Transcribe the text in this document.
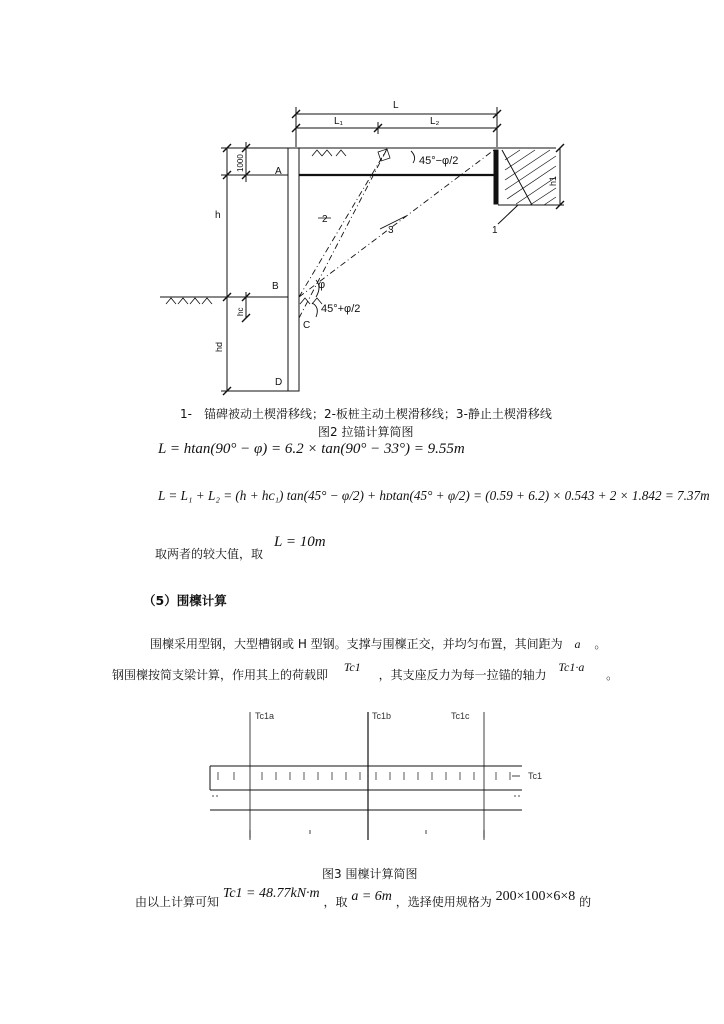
L
L₁	L₂
A
B
C
D
h
1000
hc
hd
h1
1
2
3
45°−φ/2
φ
45°+φ/2
1-　锚碑被动土楔滑移线；2-板桩主动土楔滑移线；3-静止土楔滑移线
图2 拉锚计算简图
L = htan(90° − φ) = 6.2 × tan(90° − 33°) = 9.55m
L = L₁ + L₂ = (h + hᴄ₁) tan(45° − φ/2) + hᴅtan(45° + φ/2) = (0.59 + 6.2) × 0.543 + 2 × 1.842 = 7.37m
取两者的较大值，取
L = 10m
（5）围檁计算
围檁采用型钢，大型槽钢或 H 型钢。支撑与围檁正交，并均匀布置，其间距为 a 。
钢围檁按简支梁计算，作用其上的荷载即 Tc1 ，其支座反力为每一拉锚的轴力 Tc1·a 。
Tc1a	Tc1b	Tc1c
Tc1
图3 围檁计算简图
由以上计算可知 Tc1 = 48.77kN·m ，取 a = 6m ，选择使用规格为 200×100×6×8 的
